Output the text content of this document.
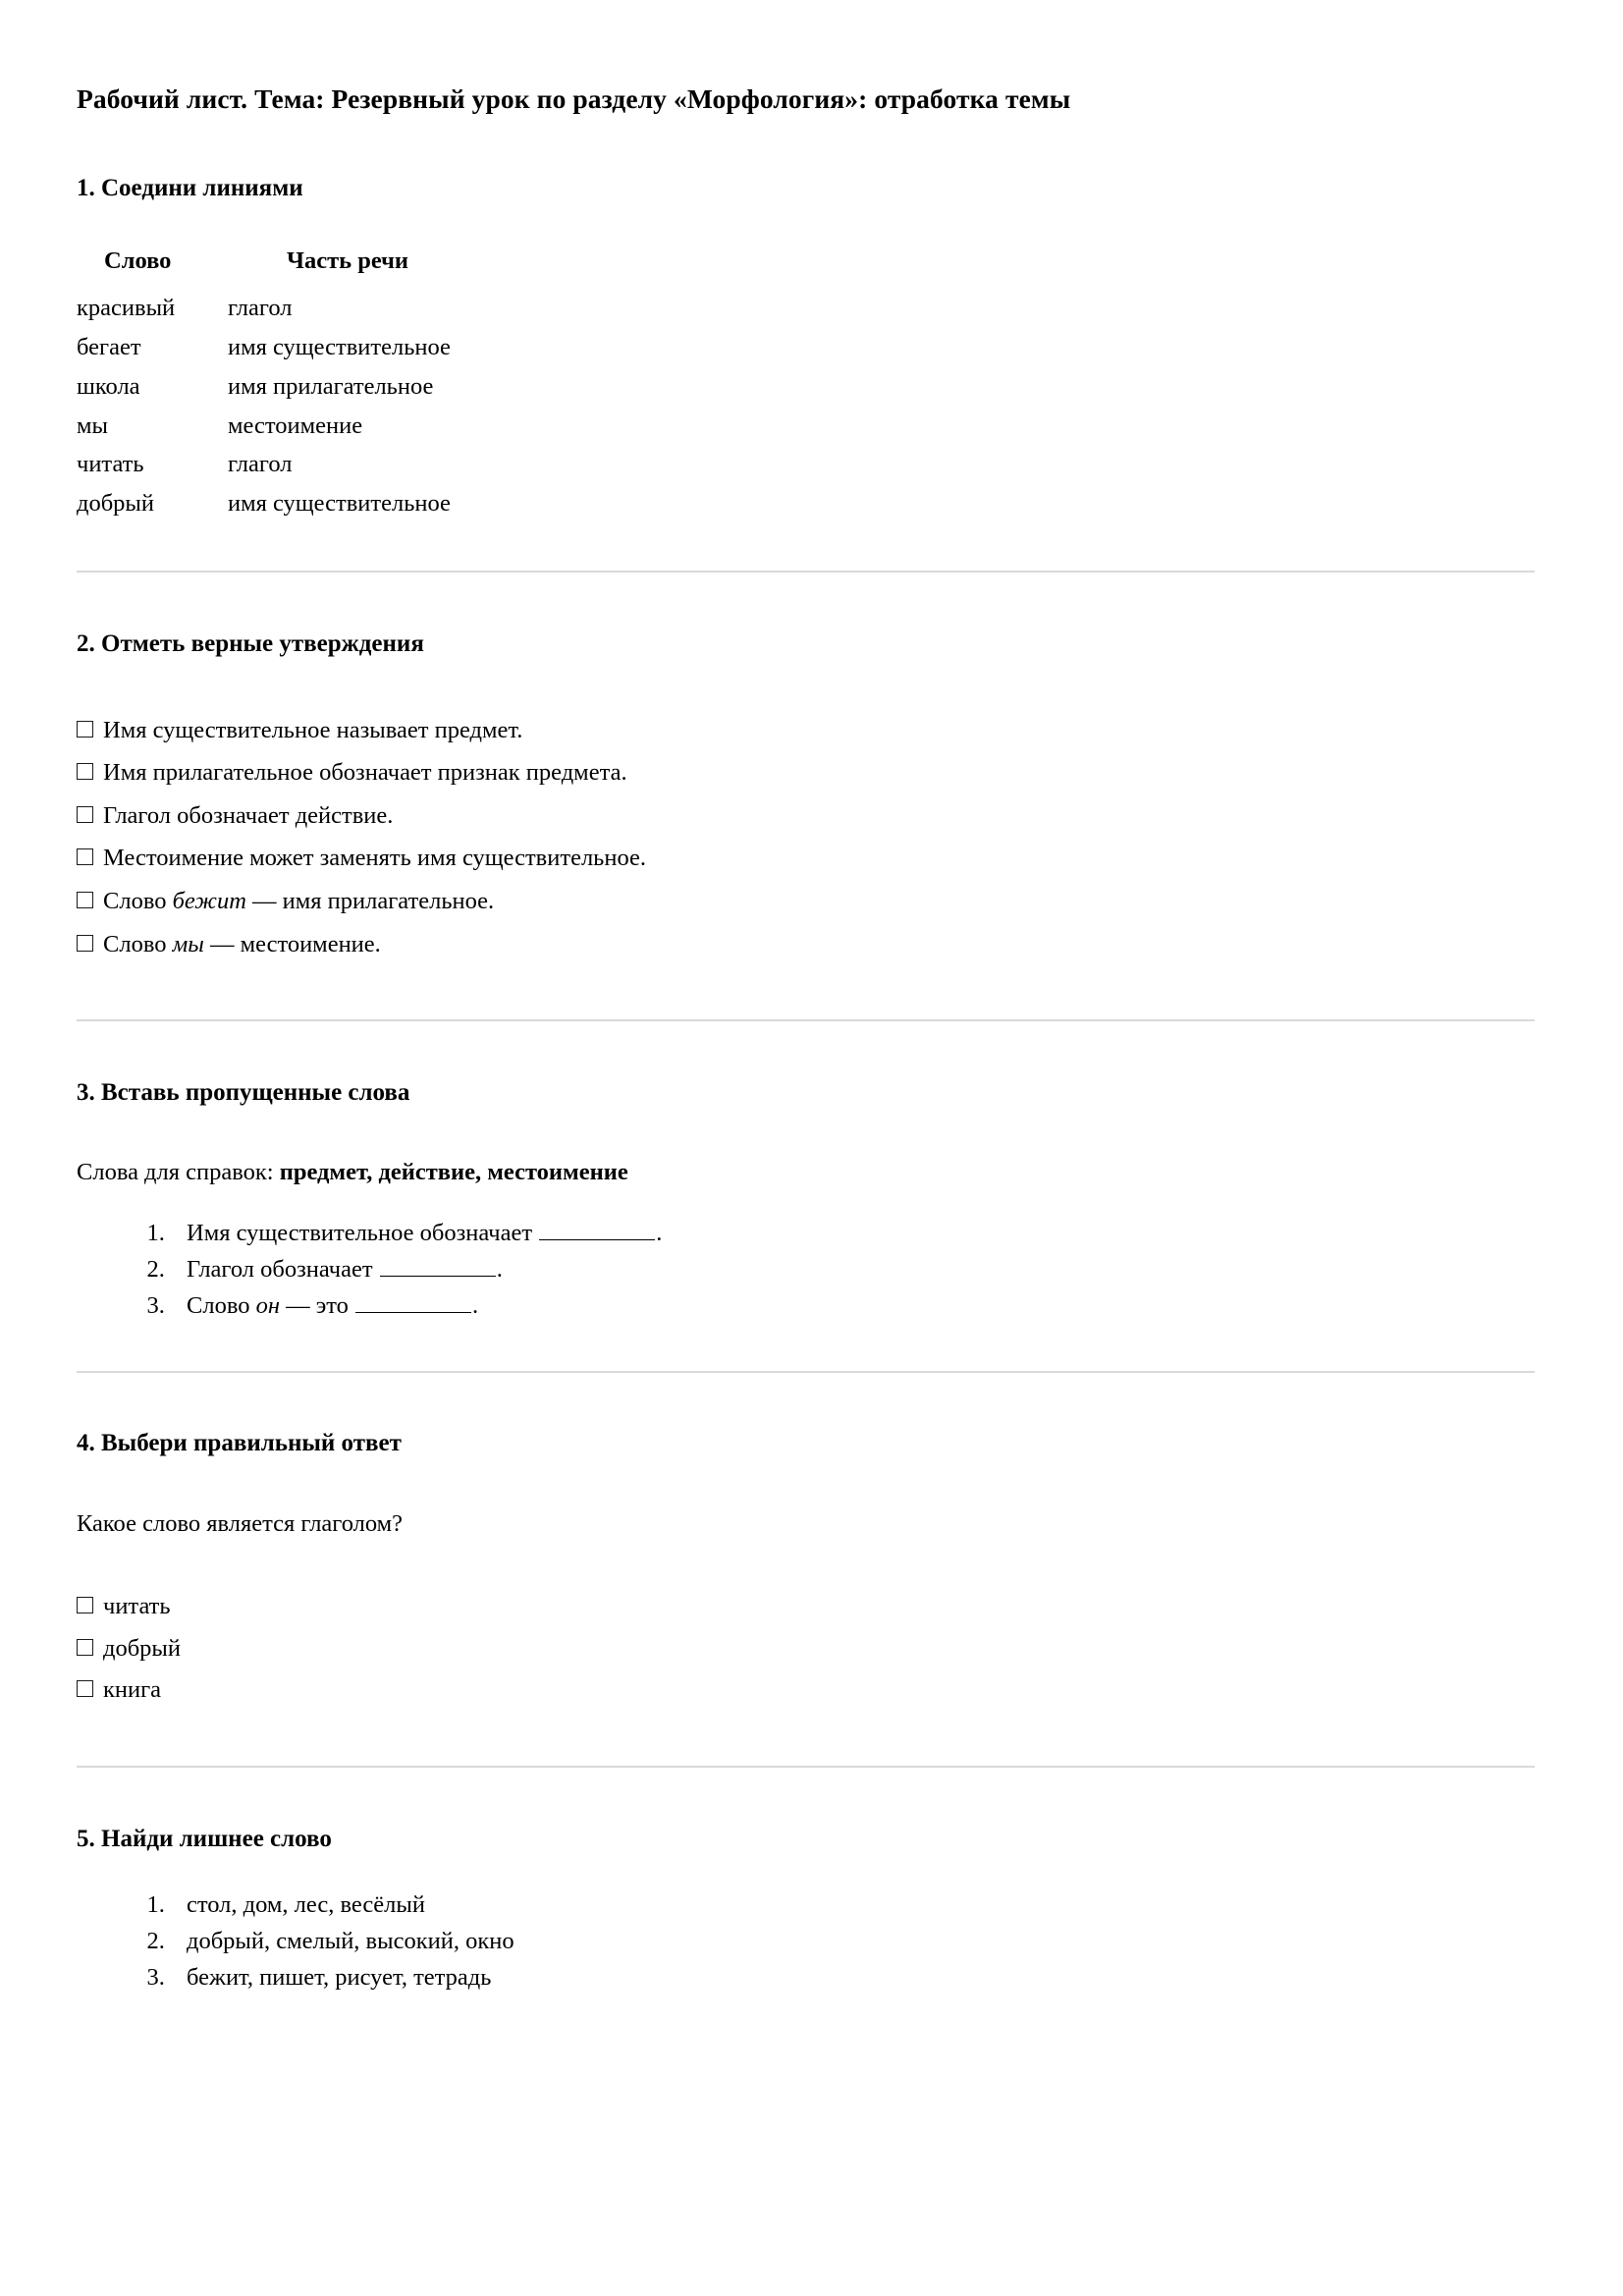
Рабочий лист. Тема: Резервный урок по разделу «Морфология»: отработка темы
1. Соедини линиями
Слово	Часть речи
красивый	глагол
бегает	имя существительное
школа	имя прилагательное
мы	местоимение
читать	глагол
добрый	имя существительное
2. Отметь верные утверждения
Имя существительное называет предмет.
Имя прилагательное обозначает признак предмета.
Глагол обозначает действие.
Местоимение может заменять имя существительное.
Слово бежит — имя прилагательное.
Слово мы — местоимение.
3. Вставь пропущенные слова

Слова для справок: предмет, действие, местоимение

1. Имя существительное обозначает	.
2. Глагол обозначает	.
3. Слово он — это	.
4. Выбери правильный ответ

Какое слово является глаголом?

читать
добрый
книга
5. Найди лишнее слово
1. стол, дом, лес, весёлый
2. добрый, смелый, высокий, окно
3. бежит, пишет, рисует, тетрадь
